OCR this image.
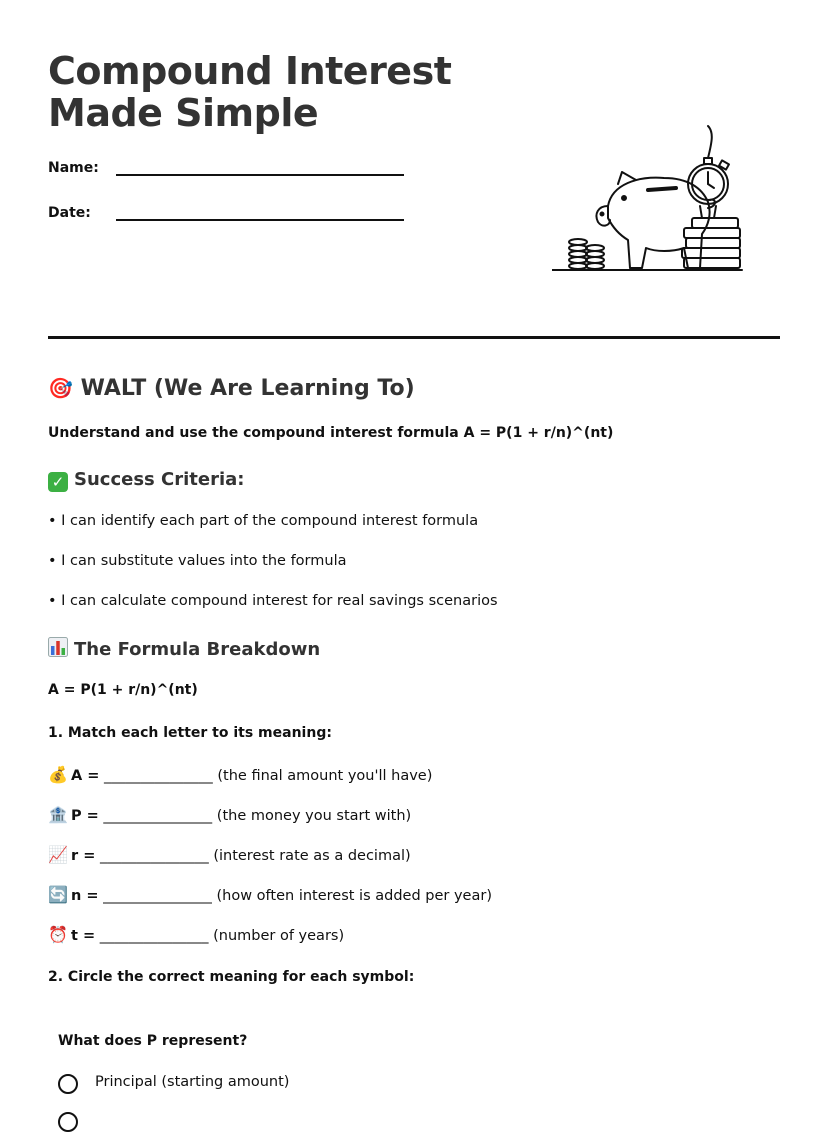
Compound Interest
Made Simple
Name:
Date:
🎯 WALT (We Are Learning To)
Understand and use the compound interest formula A = P(1 + r/n)^(nt)
✓ Success Criteria:
• I can identify each part of the compound interest formula
• I can substitute values into the formula
• I can calculate compound interest for real savings scenarios
The Formula Breakdown
A = P(1 + r/n)^(nt)
1. Match each letter to its meaning:
💰 A = _______________ (the final amount you'll have)
🏦 P = _______________ (the money you start with)
📈 r = _______________ (interest rate as a decimal)
🔄 n = _______________ (how often interest is added per year)
⏰ t = _______________ (number of years)
2. Circle the correct meaning for each symbol:
What does P represent?
Principal (starting amount)
